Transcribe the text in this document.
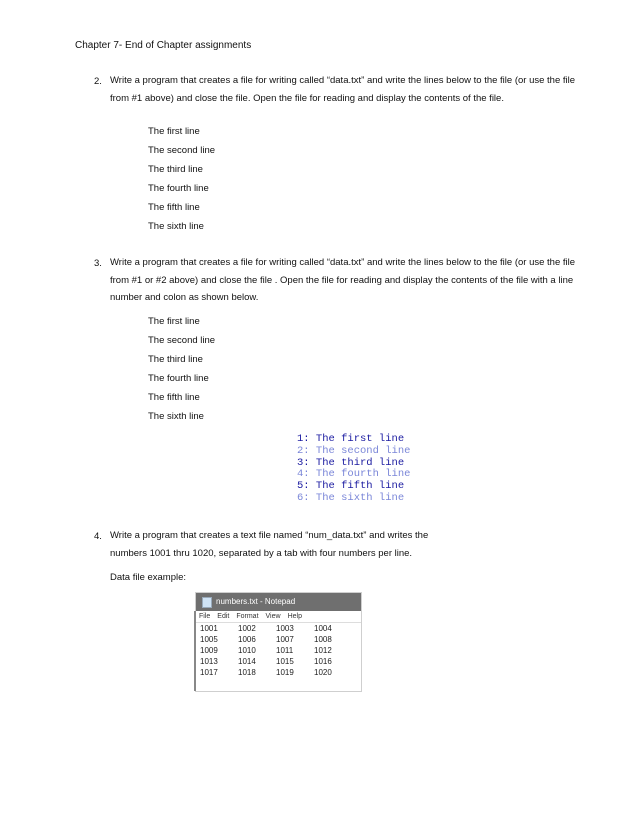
Chapter 7- End of Chapter assignments
2. Write a program that creates a file for writing called “data.txt” and write the lines below to the file (or use the file from #1 above) and close the file. Open the file for reading and display the contents of the file.
The first line
The second line
The third line
The fourth line
The fifth line
The sixth line
3. Write a program that creates a file for writing called “data.txt” and write the lines below to the file (or use the file from #1 or #2 above) and close the file . Open the file for reading and display the contents of the file with a line number and colon as shown below.
The first line
The second line
The third line
The fourth line
The fifth line
The sixth line
1: The first line
2: The second line
3: The third line
4: The fourth line
5: The fifth line
6: The sixth line
4. Write a program that creates a text file named “num_data.txt” and writes the
numbers 1001 thru 1020, separated by a tab with four numbers per line.
Data file example:
numbers.txt - Notepad
File Edit Format View Help
1001	1002	1003	1004
1005	1006	1007	1008
1009	1010	1011	1012
1013	1014	1015	1016
1017	1018	1019	1020
